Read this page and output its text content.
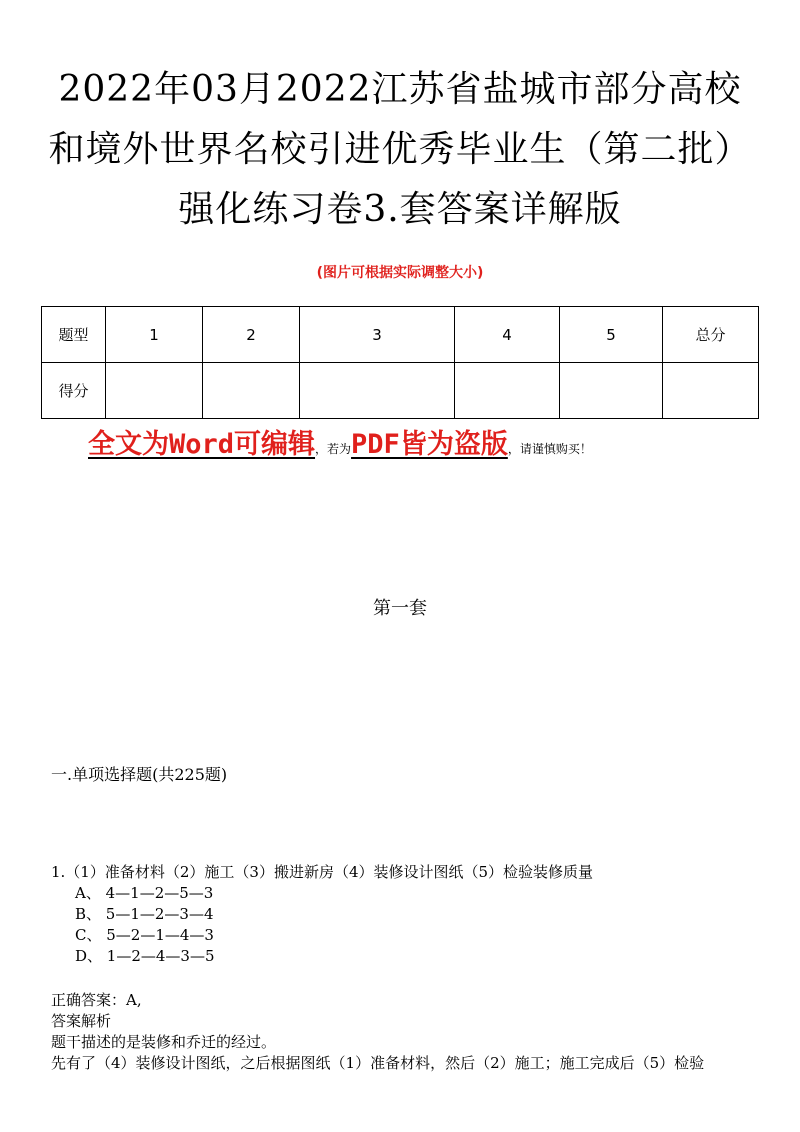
2022年03月2022江苏省盐城市部分高校
和境外世界名校引进优秀毕业生（第二批）
强化练习卷3.套答案详解版
(图片可根据实际调整大小)
题型	1	2	3	4	5	总分
得分						
全文为Word可编辑，若为PDF皆为盗版，请谨慎购买！
第一套
一.单项选择题(共225题)
1.（1）准备材料（2）施工（3）搬进新房（4）装修设计图纸（5）检验装修质量
A、 4—1—2—5—3
B、 5—1—2—3—4
C、 5—2—1—4—3
D、 1—2—4—3—5
正确答案：A,
答案解析
题干描述的是装修和乔迁的经过。
先有了（4）装修设计图纸，之后根据图纸（1）准备材料，然后（2）施工；施工完成后（5）检验
